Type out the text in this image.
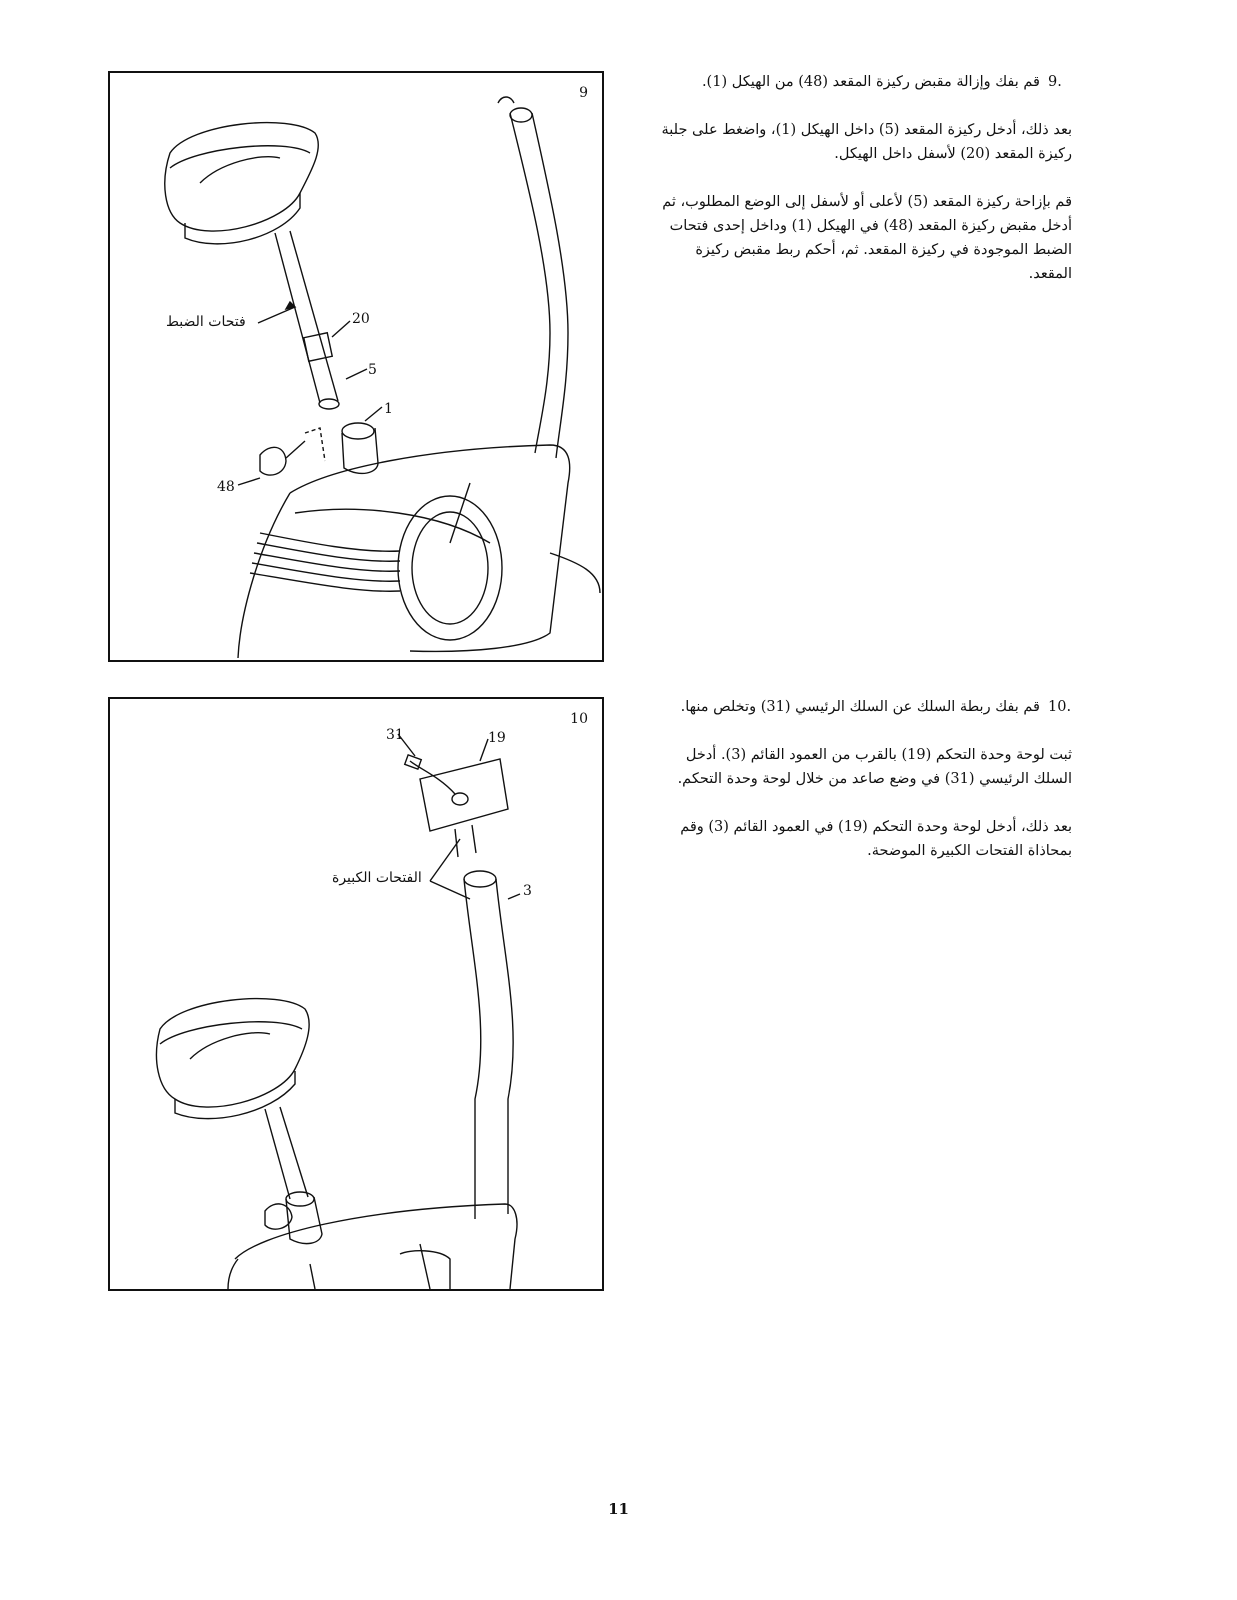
9
فتحات الضبط	20
5
1
48
10
31	19
الفتحات الكبيرة
3

9.
قم بفك وإزالة مقبض ركيزة المقعد (48) من الهيكل (1).

بعد ذلك، أدخل ركيزة المقعد (5) داخل الهيكل (1)، واضغط على جلبة ركيزة المقعد (20) لأسفل داخل الهيكل.

قم بإزاحة ركيزة المقعد (5) لأعلى أو لأسفل إلى الوضع المطلوب، ثم أدخل مقبض ركيزة المقعد (48) في الهيكل (1) وداخل إحدى فتحات الضبط الموجودة في ركيزة المقعد. ثم، أحكم ربط مقبض ركيزة المقعد.

10.
قم بفك ربطة السلك عن السلك الرئيسي (31) وتخلص منها.

ثبت لوحة وحدة التحكم (19) بالقرب من العمود القائم (3). أدخل السلك الرئيسي (31) في وضع صاعد من خلال لوحة وحدة التحكم.

بعد ذلك، أدخل لوحة وحدة التحكم (19) في العمود القائم (3) وقم بمحاذاة الفتحات الكبيرة الموضحة.

11
